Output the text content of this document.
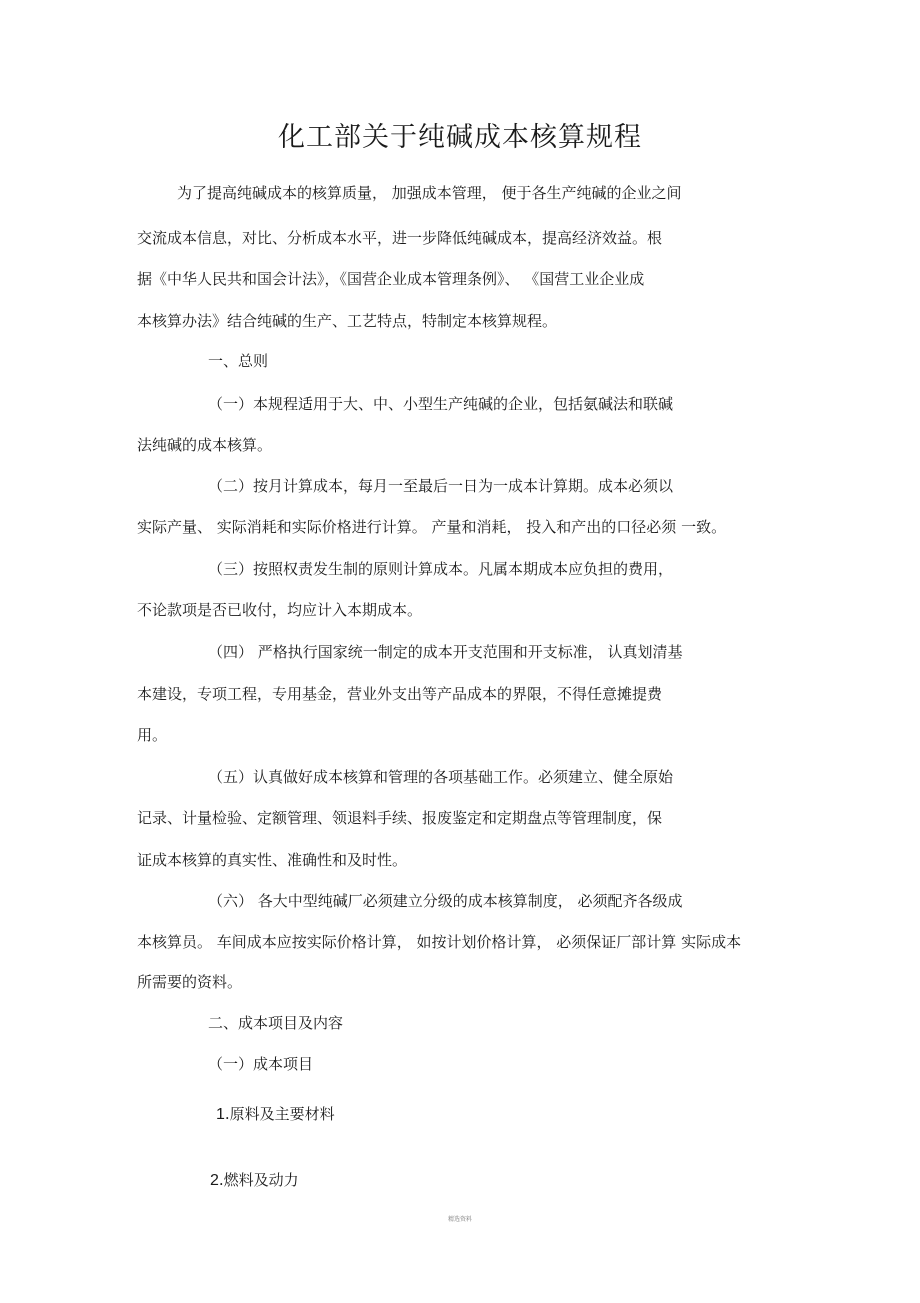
化工部关于纯碱成本核算规程
为了提高纯碱成本的核算质量， 加强成本管理， 便于各生产纯碱的企业之间
交流成本信息，对比、分析成本水平，进一步降低纯碱成本，提高经济效益。根
据《中华人民共和国会计法》，《国营企业成本管理条例》、 《国营工业企业成
本核算办法》结合纯碱的生产、工艺特点，特制定本核算规程。
一、总则
（一）本规程适用于大、中、小型生产纯碱的企业，包括氨碱法和联碱
法纯碱的成本核算。
（二）按月计算成本，每月一至最后一日为一成本计算期。成本必须以
实际产量、 实际消耗和实际价格进行计算。 产量和消耗， 投入和产出的口径必须 一致。
（三）按照权责发生制的原则计算成本。凡属本期成本应负担的费用，
不论款项是否已收付，均应计入本期成本。
（四） 严格执行国家统一制定的成本开支范围和开支标准， 认真划清基
本建设，专项工程，专用基金，营业外支出等产品成本的界限，不得任意摊提费
用。
（五）认真做好成本核算和管理的各项基础工作。必须建立、健全原始
记录、计量检验、定额管理、领退料手续、报废鉴定和定期盘点等管理制度，保
证成本核算的真实性、准确性和及时性。
（六） 各大中型纯碱厂必须建立分级的成本核算制度， 必须配齐各级成
本核算员。 车间成本应按实际价格计算， 如按计划价格计算， 必须保证厂部计算 实际成本
所需要的资料。
二、成本项目及内容
（一）成本项目
1.原料及主要材料
2.燃料及动力
精选资料
